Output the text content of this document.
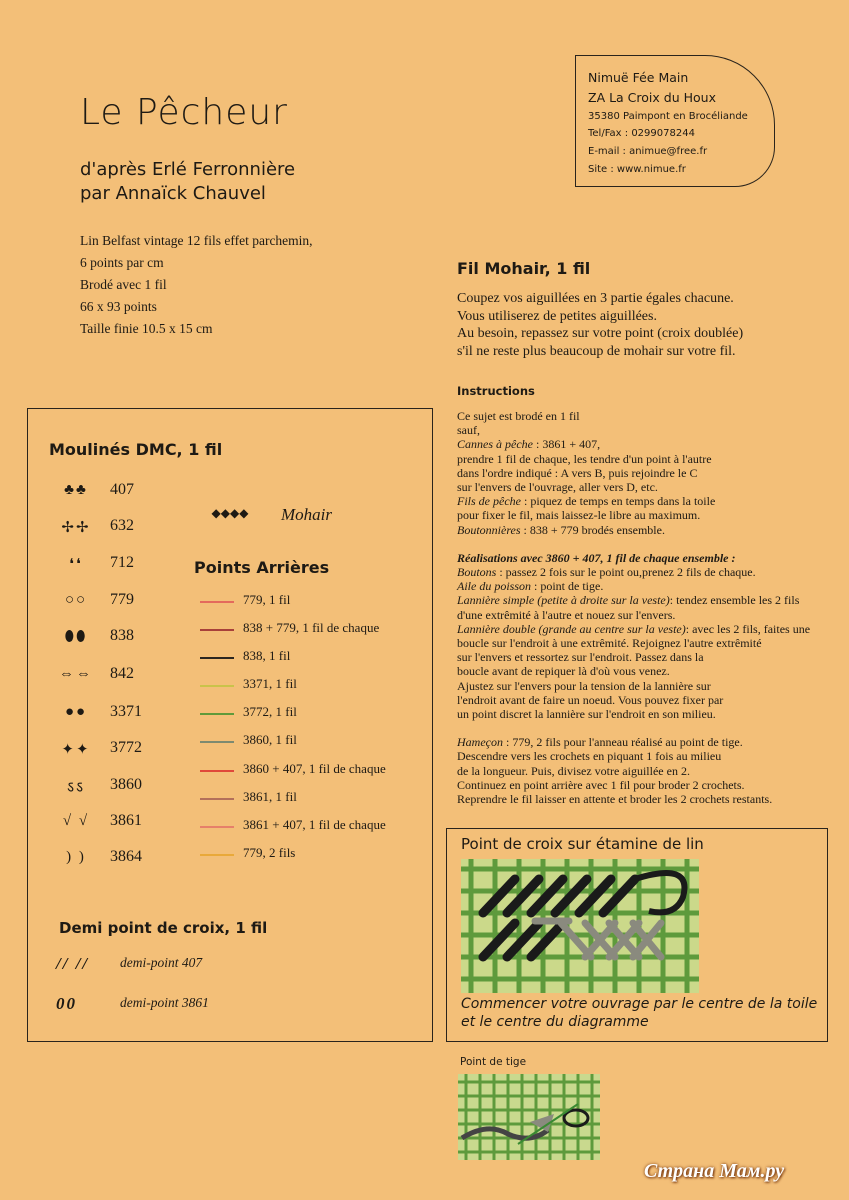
Le Pêcheur
d'après Erlé Ferronnière
par Annaïck Chauvel
Lin Belfast vintage 12 fils effet parchemin,
6 points par cm
Brodé avec 1 fil
66 x 93 points
Taille finie 10.5 x 15 cm
Nimuë Fée Main
ZA La Croix du Houx
35380 Paimpont en Brocéliande
Tel/Fax : 0299078244
E-mail : animue@free.fr
Site : www.nimue.fr
Moulinés DMC, 1 fil
♣♣	407
✢✢	632
❛❛	712
○○	779
⬮⬮	838
⇔⇔ 842
●●	3371
✦✦	3772
ऽऽ	3860
√ √	3861
) )	3864
◆◆◆◆	Mohair
Points Arrières
779, 1 fil
838 + 779, 1 fil de chaque
838, 1 fil
3371, 1 fil
3772, 1 fil
3860, 1 fil
3860 + 407, 1 fil de chaque
3861, 1 fil
3861 + 407, 1 fil de chaque
779, 2 fils
Demi point de croix, 1 fil
// // demi-point 407
00	demi-point 3861
Fil Mohair, 1 fil
Coupez vos aiguillées en 3 partie égales chacune.
Vous utiliserez de petites aiguillées.
Au besoin, repassez sur votre point (croix doublée)
s'il ne reste plus beaucoup de mohair sur votre fil.
Instructions

Ce sujet est brodé en 1 fil

sauf,

Cannes à pêche : 3861 + 407,

prendre 1 fil de chaque, les tendre d'un point à l'autre

dans l'ordre indiqué : A vers B, puis rejoindre le C

sur l'envers de l'ouvrage, aller vers D, etc.

Fils de pêche : piquez de temps en temps dans la toile

pour fixer le fil, mais laissez-le libre au maximum.

Boutonnières : 838 + 779 brodés ensemble.

Réalisations avec 3860 + 407, 1 fil de chaque ensemble :

Boutons : passez 2 fois sur le point ou,prenez 2 fils de chaque.

Aile du poisson : point de tige.

Lannière simple (petite à droite sur la veste): tendez ensemble les 2 fils

d'une extrêmité à l'autre et nouez sur l'envers.

Lannière double (grande au centre sur la veste): avec les 2 fils, faites une

boucle sur l'endroit à une extrêmité. Rejoignez l'autre extrêmité

sur l'envers et ressortez sur l'endroit. Passez dans la

boucle avant de repiquer là d'où vous venez.

Ajustez sur l'envers pour la tension de la lannière sur

l'endroit avant de faire un noeud. Vous pouvez fixer par

un point discret la lannière sur l'endroit en son milieu.

Hameçon : 779, 2 fils pour l'anneau réalisé au point de tige.

Descendre vers les crochets en piquant 1 fois au milieu

de la longueur. Puis, divisez votre aiguillée en 2.

Continuez en point arrière avec 1 fil pour broder 2 crochets.

Reprendre le fil laisser en attente et broder les 2 crochets restants.

Point de croix sur étamine de lin
Commencer votre ouvrage par le centre de la toile
et le centre du diagramme
Point de tige
Страна Мам.ру
